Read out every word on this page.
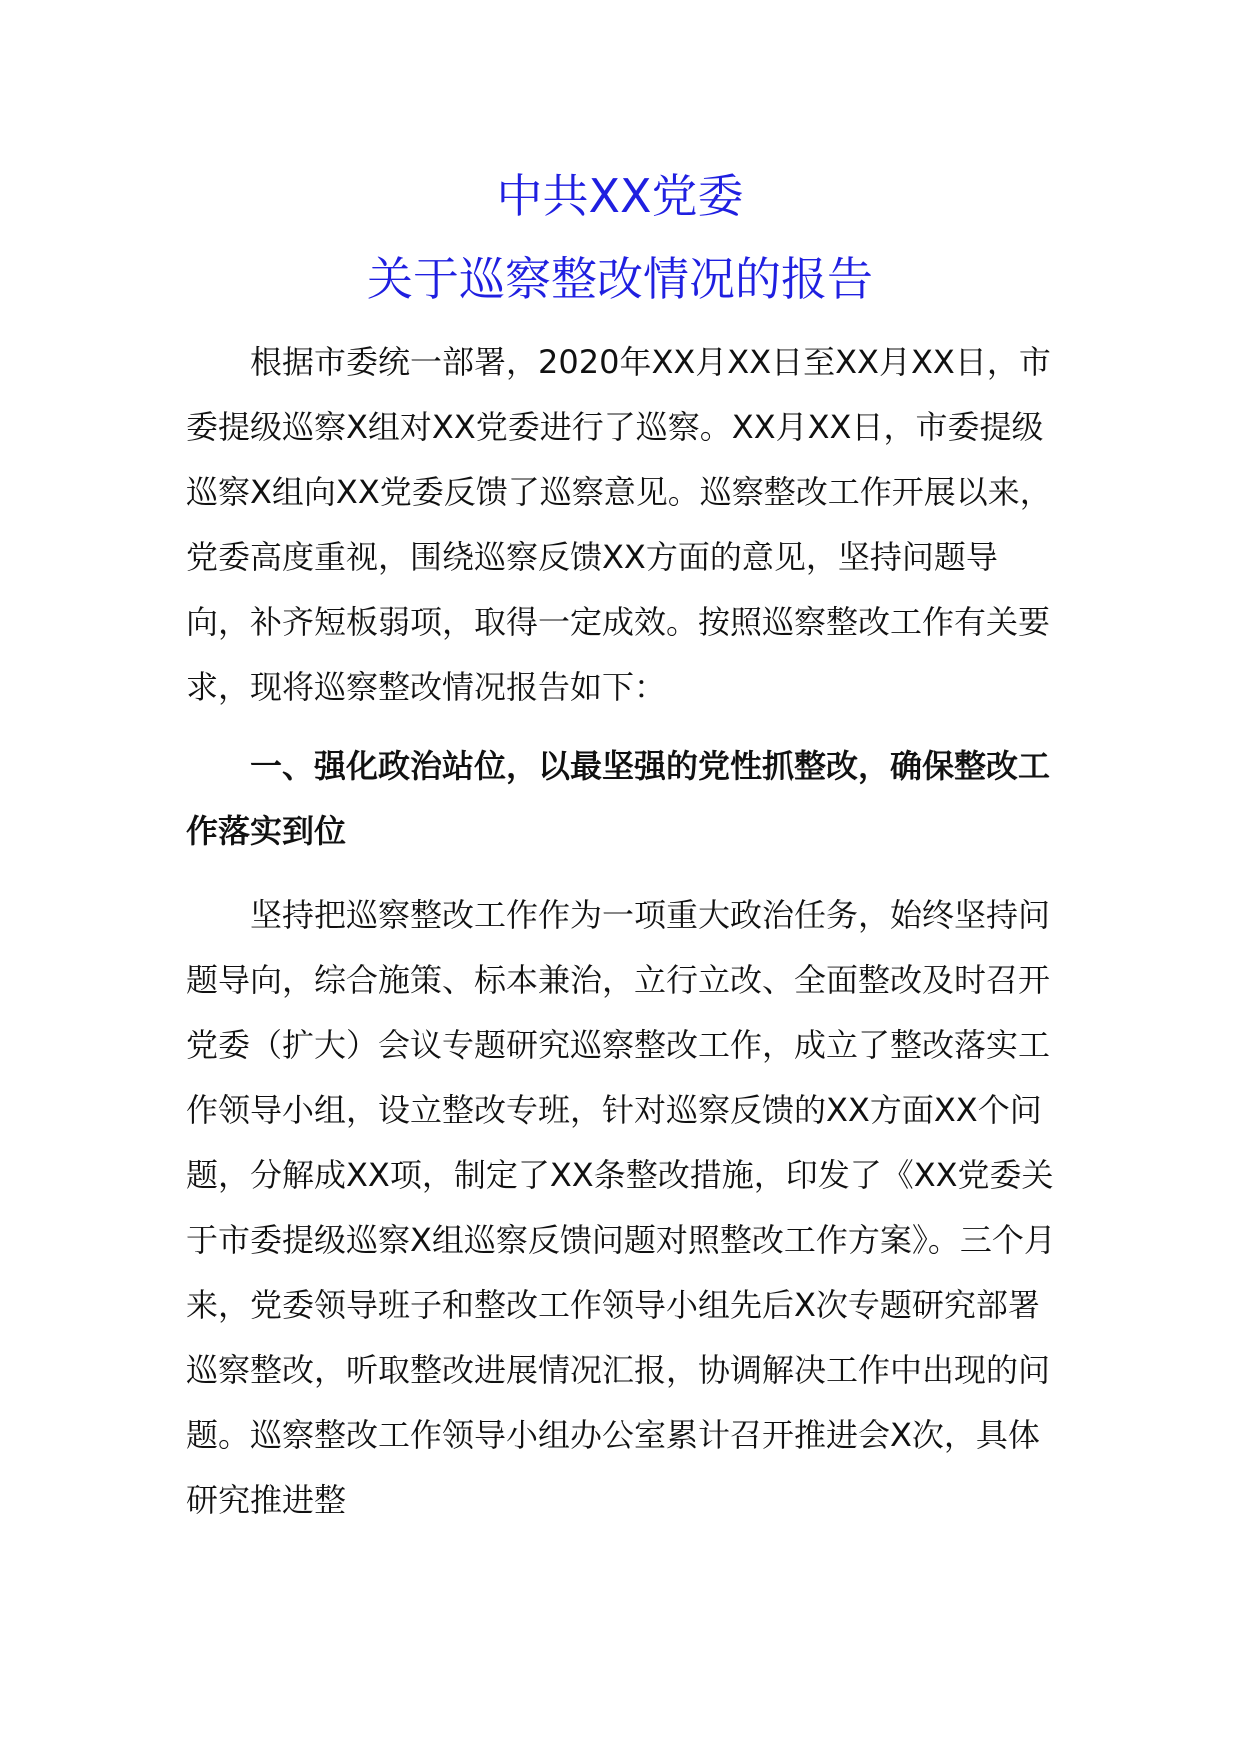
中共XX党委
关于巡察整改情况的报告

根据市委统一部署，2020年XX月XX日至XX月XX日，市委提级巡察X组对XX党委进行了巡察。XX月XX日，市委提级巡察X组向XX党委反馈了巡察意见。巡察整改工作开展以来，党委高度重视，围绕巡察反馈XX方面的意见，坚持问题导向，补齐短板弱项，取得一定成效。按照巡察整改工作有关要求，现将巡察整改情况报告如下：

一、强化政治站位，以最坚强的党性抓整改，确保整改工作落实到位

坚持把巡察整改工作作为一项重大政治任务，始终坚持问题导向，综合施策、标本兼治，立行立改、全面整改及时召开党委（扩大）会议专题研究巡察整改工作，成立了整改落实工作领导小组，设立整改专班，针对巡察反馈的XX方面XX个问题，分解成XX项，制定了XX条整改措施，印发了《XX党委关于市委提级巡察X组巡察反馈问题对照整改工作方案》。三个月来，党委领导班子和整改工作领导小组先后X次专题研究部署巡察整改，听取整改进展情况汇报，协调解决工作中出现的问题。巡察整改工作领导小组办公室累计召开推进会X次，具体研究推进整
